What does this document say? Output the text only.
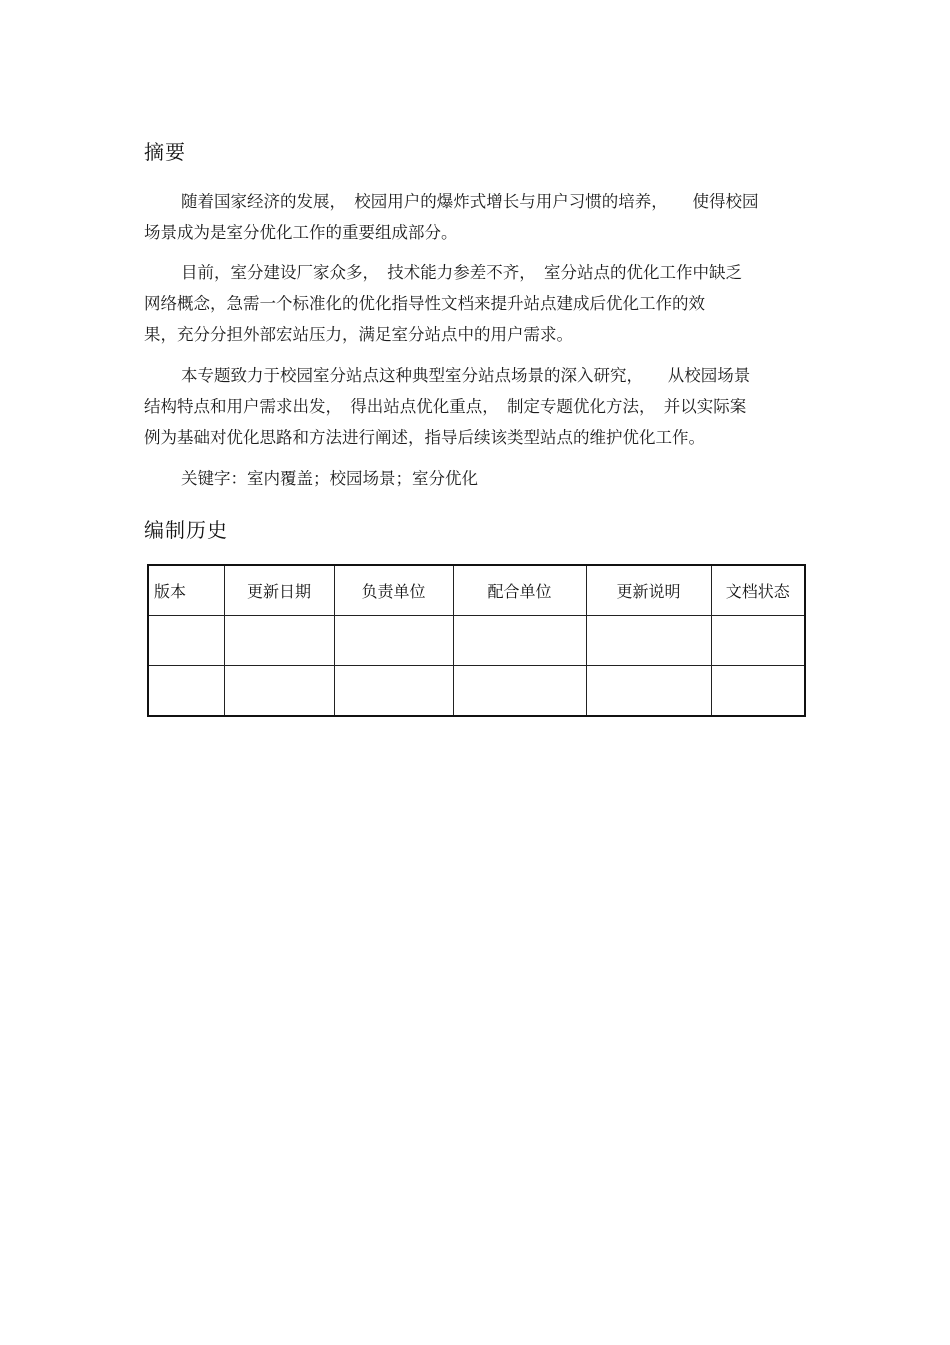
摘要
随着国家经济的发展，　校园用户的爆炸式增长与用户习惯的培养，　　使得校园
场景成为是室分优化工作的重要组成部分。
目前，室分建设厂家众多，　技术能力参差不齐，　室分站点的优化工作中缺乏
网络概念，急需一个标准化的优化指导性文档来提升站点建成后优化工作的效
果，充分分担外部宏站压力，满足室分站点中的用户需求。
本专题致力于校园室分站点这种典型室分站点场景的深入研究，　　从校园场景
结构特点和用户需求出发，　得出站点优化重点，　制定专题优化方法，　并以实际案
例为基础对优化思路和方法进行阐述，指导后续该类型站点的维护优化工作。
关键字：室内覆盖；校园场景；室分优化
编制历史
版本	更新日期	负责单位	配合单位	更新说明	文档状态
